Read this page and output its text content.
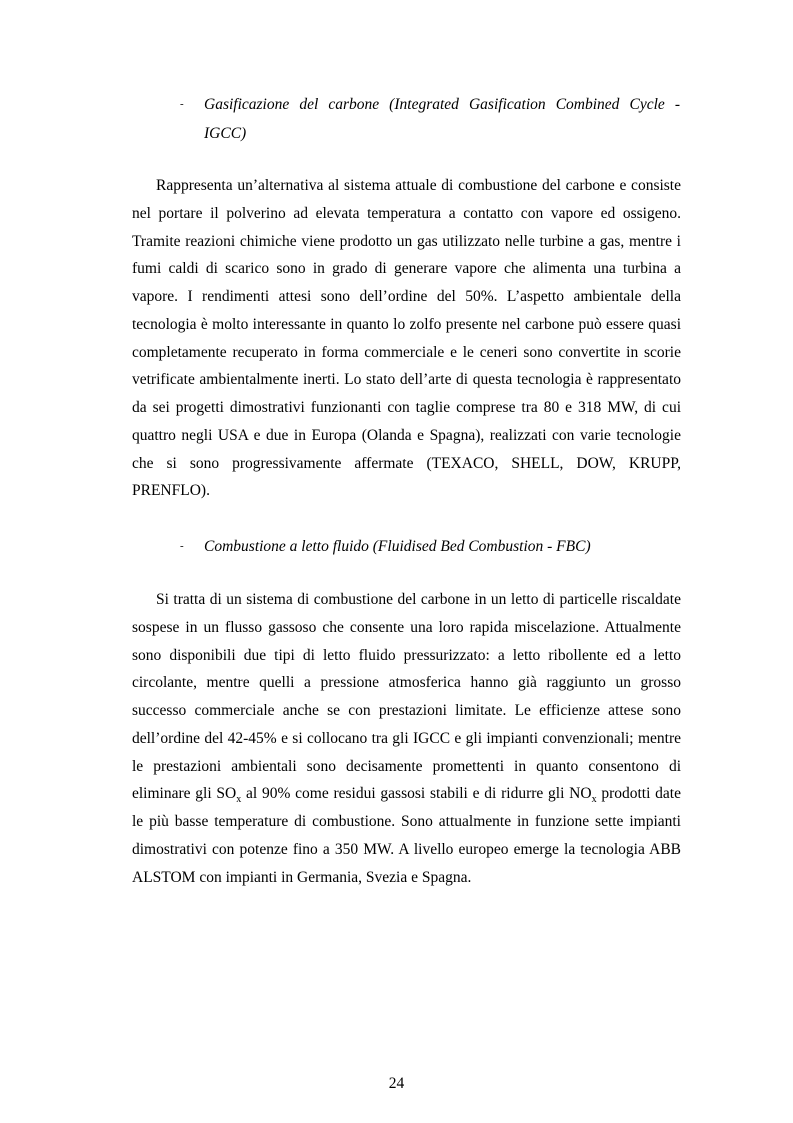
-	Gasificazione del carbone (Integrated Gasification Combined Cycle - IGCC)

Rappresenta un’alternativa al sistema attuale di combustione del carbone e consiste nel portare il polverino ad elevata temperatura a contatto con vapore ed ossigeno. Tramite reazioni chimiche viene prodotto un gas utilizzato nelle turbine a gas, mentre i fumi caldi di scarico sono in grado di generare vapore che alimenta una turbina a vapore. I rendimenti attesi sono dell’ordine del 50%. L’aspetto ambientale della tecnologia è molto interessante in quanto lo zolfo presente nel carbone può essere quasi completamente recuperato in forma commerciale e le ceneri sono convertite in scorie vetrificate ambientalmente inerti. Lo stato dell’arte di questa tecnologia è rappresentato da sei progetti dimostrativi funzionanti con taglie comprese tra 80 e 318 MW, di cui quattro negli USA e due in Europa (Olanda e Spagna), realizzati con varie tecnologie che si sono progressivamente affermate (TEXACO, SHELL, DOW, KRUPP, PRENFLO).

-	Combustione a letto fluido (Fluidised Bed Combustion - FBC)

Si tratta di un sistema di combustione del carbone in un letto di particelle riscaldate sospese in un flusso gassoso che consente una loro rapida miscelazione. Attualmente sono disponibili due tipi di letto fluido pressurizzato: a letto ribollente ed a letto circolante, mentre quelli a pressione atmosferica hanno già raggiunto un grosso successo commerciale anche se con prestazioni limitate. Le efficienze attese sono dell’ordine del 42-45% e si collocano tra gli IGCC e gli impianti convenzionali; mentre le prestazioni ambientali sono decisamente promettenti in quanto consentono di eliminare gli $SO_x$ al 90% come residui gassosi stabili e di ridurre gli $NO_x$ prodotti date le più basse temperature di combustione. Sono attualmente in funzione sette impianti dimostrativi con potenze fino a 350 MW. A livello europeo emerge la tecnologia ABB ALSTOM con impianti in Germania, Svezia e Spagna.

24
